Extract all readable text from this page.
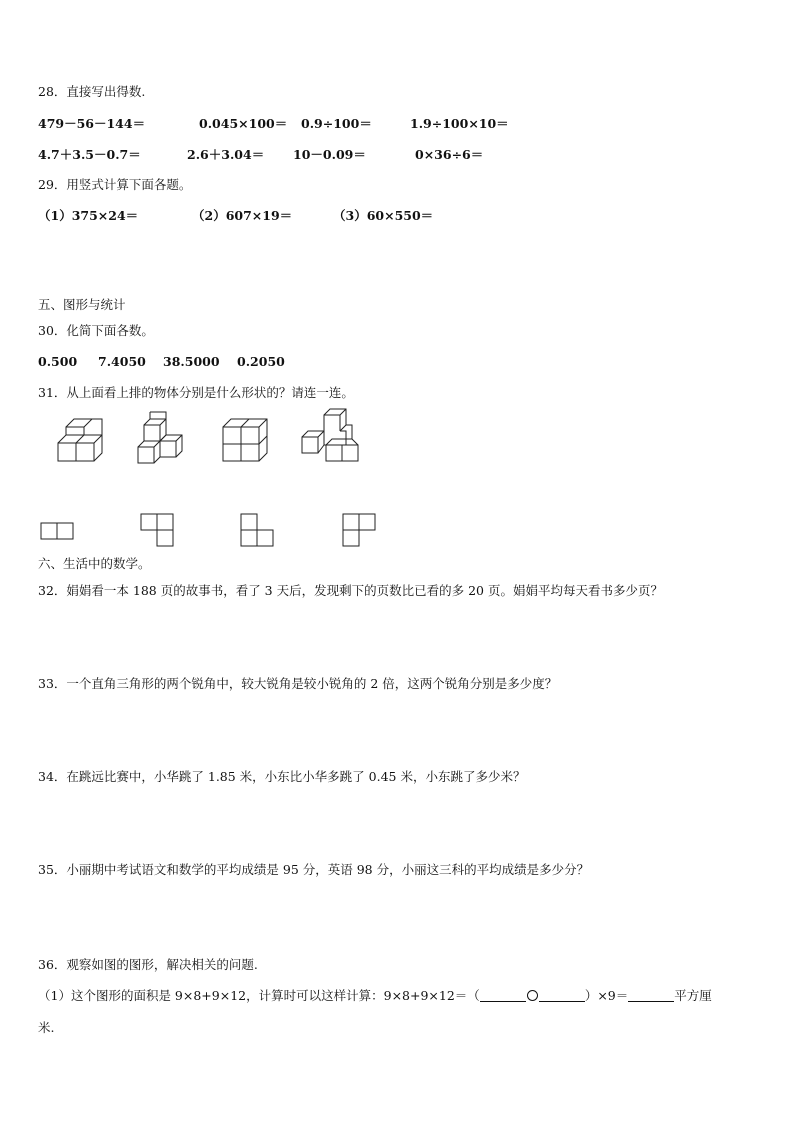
28．直接写出得数.
479－56－144＝	0.045×100＝ 0.9÷100＝	1.9÷100×10＝
4.7＋3.5－0.7＝	2.6＋3.04＝ 10－0.09＝	0×36÷6＝
29．用竖式计算下面各题。
（1）375×24＝	（2）607×19＝	（3）60×550＝
五、图形与统计
30．化简下面各数。
0.500 7.4050 38.5000 0.2050
31．从上面看上排的物体分别是什么形状的？请连一连。
六、生活中的数学。
32．娟娟看一本 188 页的故事书，看了 3 天后，发现剩下的页数比已看的多 20 页。娟娟平均每天看书多少页？
33．一个直角三角形的两个锐角中，较大锐角是较小锐角的 2 倍，这两个锐角分别是多少度？
34．在跳远比赛中，小华跳了 1.85 米，小东比小华多跳了 0.45 米，小东跳了多少米？
35．小丽期中考试语文和数学的平均成绩是 95 分，英语 98 分，小丽这三科的平均成绩是多少分？
36．观察如图的图形，解决相关的问题.
（1）这个图形的面积是 9×8+9×12，计算时可以这样计算：9×8+9×12＝（	）×9＝	平方厘
米.
